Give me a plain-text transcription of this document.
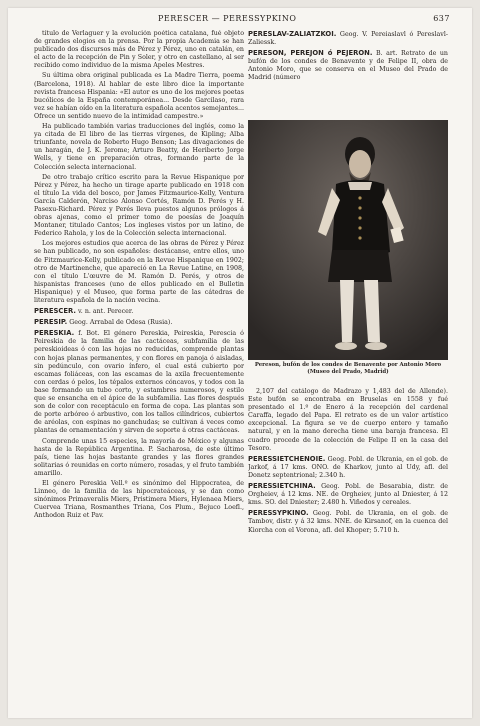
PERESCER — PERESSYPKINO	637

título de Verlaguer y la evolución poética catalana, fué objeto de grandes elogios en la prensa. Por la propia Academia se han publicado dos discursos más de Pérez y Pérez, uno en catalán, en el acto de la recepción de Pin y Soler, y otro en castellano, al ser recibido como individuo de la misma Apeles Mestres.

Su última obra original publicada es La Madre Tierra, poema (Barcelona, 1918). Al hablar de este libro dice la importante revista francesa Hispania: «El autor es uno de los mejores poetas bucólicos de la España contemporánea... Desde Garcilaso, rara vez se habían oído en la literatura española acentos semejantes... Ofrece un sentido nuevo de la intimidad campestre.»

Ha publicado también varias traducciones del inglés, como la ya citada de El libro de las tierras vírgenes, de Kipling; Alba triunfante, novela de Roberto Hugo Benson; Las divagaciones de un haragán, de J. K. Jerome; Arturo Beatty, de Heriberto Jorge Wells, y tiene en preparación otras, formando parte de la Colección selecta internacional.

De otro trabajo crítico escrito para la Revue Hispanique por Pérez y Pérez, ha hecho un tirage aparte publicado en 1918 con el título La vida del bosco, por James Fitzmaurice-Kelly, Ventura García Calderón, Narciso Alonso Cortés, Ramón D. Perés y H. Pasexu-Richard. Pérez y Perés lleva puestos algunos prólogos á obras ajenas, como el primer tomo de poesías de Joaquín Montaner, titulado Cantos; Los ingleses vistos por un latino, de Federico Rahola, y los de la Colección selecta internacional.

Los mejores estudios que acerca de las obras de Pérez y Pérez se han publicado, no son españoles: destácanse, entre ellos, uno de Fitzmaurice-Kelly, publicado en la Revue Hispanique en 1902; otro de Martinenche, que apareció en La Revue Latine, en 1908, con el título L'œuvre de M. Ramón D. Perés, y otros de hispanistas franceses (uno de ellos publicado en el Bulletin Hispanique) y el Museo, que forma parte de las cátedras de literatura española de la nación vecina.

PERESCER. v. n. ant. Perecer.

PERESIP. Geog. Arrabal de Odesa (Rusia).

PERESKIA. f. Bot. El género Pereskia, Peireskia, Perescia ó Peireskia de la familia de las cactáceas, subfamilia de las pereskioideas ó con las hojas no reducidas, comprende plantas con hojas planas permanentes, y con flores en panoja ó aisladas, sin pedúnculo, con ovario ínfero, el cual está cubierto por escamas foliáceas, con las escamas de la axila frecuentemente con cerdas ó pelos, los tépalos externos cóncavos, y todos con la base formando un tubo corto, y estambres numerosos, y estilo que se ensancha en el ápice de la subfamilia. Las flores después son de color con receptáculo en forma de copa. Las plantas son de porte arbóreo ó arbustivo, con los tallos cilíndricos, cubiertos de aréolas, con espinas no ganchudas; se cultivan á veces como plantas de ornamentación y sirven de soporte á otras cactáceas.

Comprende unas 15 especies, la mayoría de México y algunas hasta de la República Argentina. P. Sacharosa, de este último país, tiene las hojas bastante grandes y las flores grandes solitarias ó reunidas en corto número, rosadas, y el fruto también amarillo.

El género Pereskia Vell.º es sinónimo del Hippocratea, de Linneo, de la familia de las hipocrateáceas, y se dan como sinónimos Primaveralis Miers, Pristimera Miers, Hylenaea Miers, Cuervea Triana, Rosmanthes Triana, Cos Plum., Bejuco Loefl., Anthodon Ruiz et Pav.

PERESLAV-ZALIATZKOI. Geog. V. Pereiaslavl ó Pereslavl-Zaliessk.

PERESON, PEREJON ó PEJERON. B. art. Retrato de un bufón de los condes de Benavente y de Felipe II, obra de Antonio Moro, que se conserva en el Museo del Prado de Madrid (número

Pereson, bufón de los condes de Benavente por Antonio Moro (Museo del Prado, Madrid)

2,107 del catálogo de Madrazo y 1,483 del de Allende). Este bufón se encontraba en Bruselas en 1558 y fué presentado el 1.º de Enero á la recepción del cardenal Caraffa, legado del Papa. El retrato es de un valor artístico excepcional. La figura se ve de cuerpo entero y tamaño natural, y en la mano derecha tiene una baraja francesa. El cuadro procede de la colección de Felipe II en la casa del Tesoro.

PERESSIETCHENOIE. Geog. Pobl. de Ukrania, en el gob. de Jarkof, á 17 kms. ONO. de Kharkov, junto al Udy, afl. del Donetz septentrional; 2.340 h.

PERESSIETCHINA. Geog. Pobl. de Besarabia, distr. de Orgheiev, á 12 kms. NE. de Orgheiev, junto al Dniester, á 12 kms. SO. del Dniester; 2.480 h. Viñedos y cereales.

PERESSYPKINO. Geog. Pobl. de Ukrania, en el gob. de Tambov, distr. y á 32 kms. NNE. de Kirsanof, en la cuenca del Kiorcha con el Vorona, afl. del Khoper; 5.710 h.
